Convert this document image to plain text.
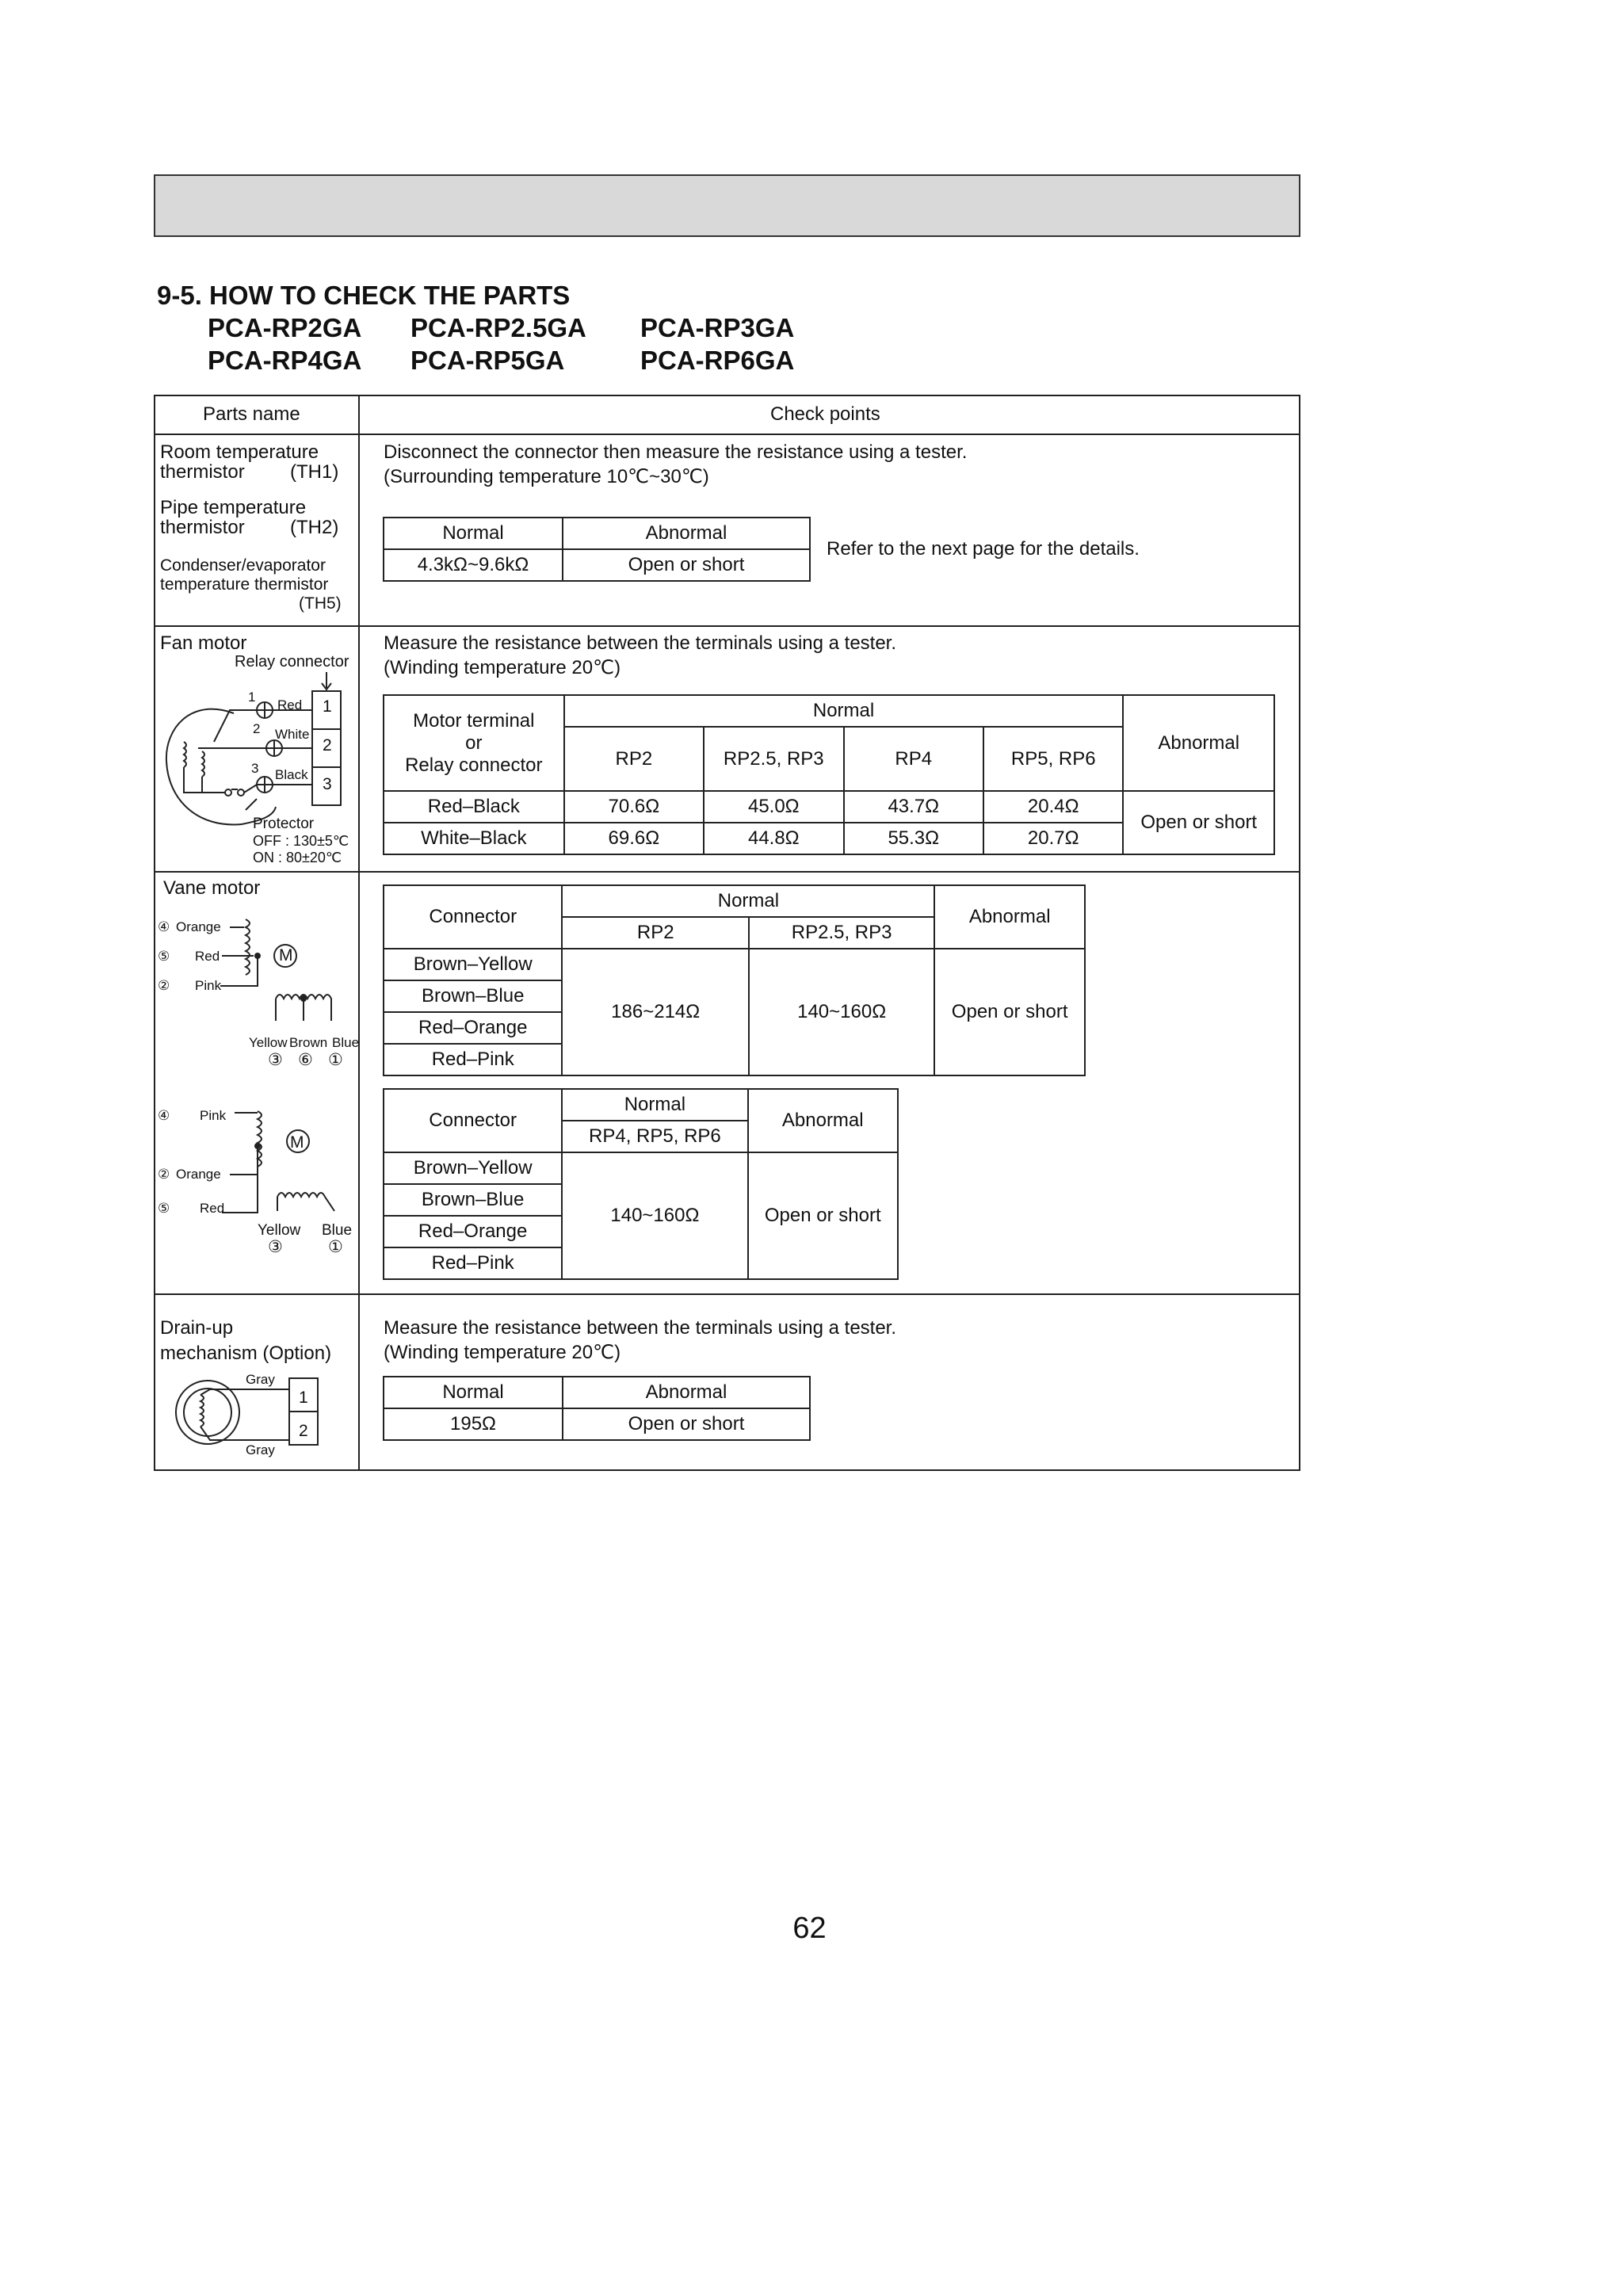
9-5. HOW TO CHECK THE PARTS
PCA-RP2GA PCA-RP2.5GA PCA-RP3GA
PCA-RP4GA PCA-RP5GA	PCA-RP6GA
Parts name	Check points
Room temperature
thermistor (TH1)
Pipe temperature
thermistor (TH2)
Condenser/evaporator
temperature thermistor
(TH5)
Disconnect the connector then measure the resistance using a tester.
(Surrounding temperature 10℃~30℃)
Normal	Abnormal
4.3kΩ~9.6kΩ	Open or short
Refer to the next page for the details.
Fan motor
Relay connector
1
2
3
Red
White
Black
1
2
3
Protector
OFF : 130±5℃
ON : 80±20℃
Measure the resistance between the terminals using a tester.
(Winding temperature 20℃)
Motor terminal
or
Relay connector	Normal				Abnormal
	RP2	RP2.5, RP3	RP4	RP5, RP6	
Red–Black	70.6Ω	45.0Ω	43.7Ω	20.4Ω	Open or short
White–Black	69.6Ω	44.8Ω	55.3Ω	20.7Ω	
Vane motor
④ Orange
⑤ Red
② Pink
M
Yellow Brown Blue
③ ⑥ ①
④ Pink
M
② Orange
⑤ Red
Yellow Blue
③	①
Connector	Normal		Abnormal
	RP2	RP2.5, RP3	
Brown–Yellow	186~214Ω	140~160Ω	Open or short
Brown–Blue			
Red–Orange			
Red–Pink			
Connector	Normal	Abnormal
	RP4, RP5, RP6	
Brown–Yellow	140~160Ω	Open or short
Brown–Blue		
Red–Orange		
Red–Pink		
Drain-up
mechanism (Option)
Gray
Gray
1
2
Measure the resistance between the terminals using a tester.
(Winding temperature 20℃)
Normal	Abnormal
195Ω	Open or short
62
